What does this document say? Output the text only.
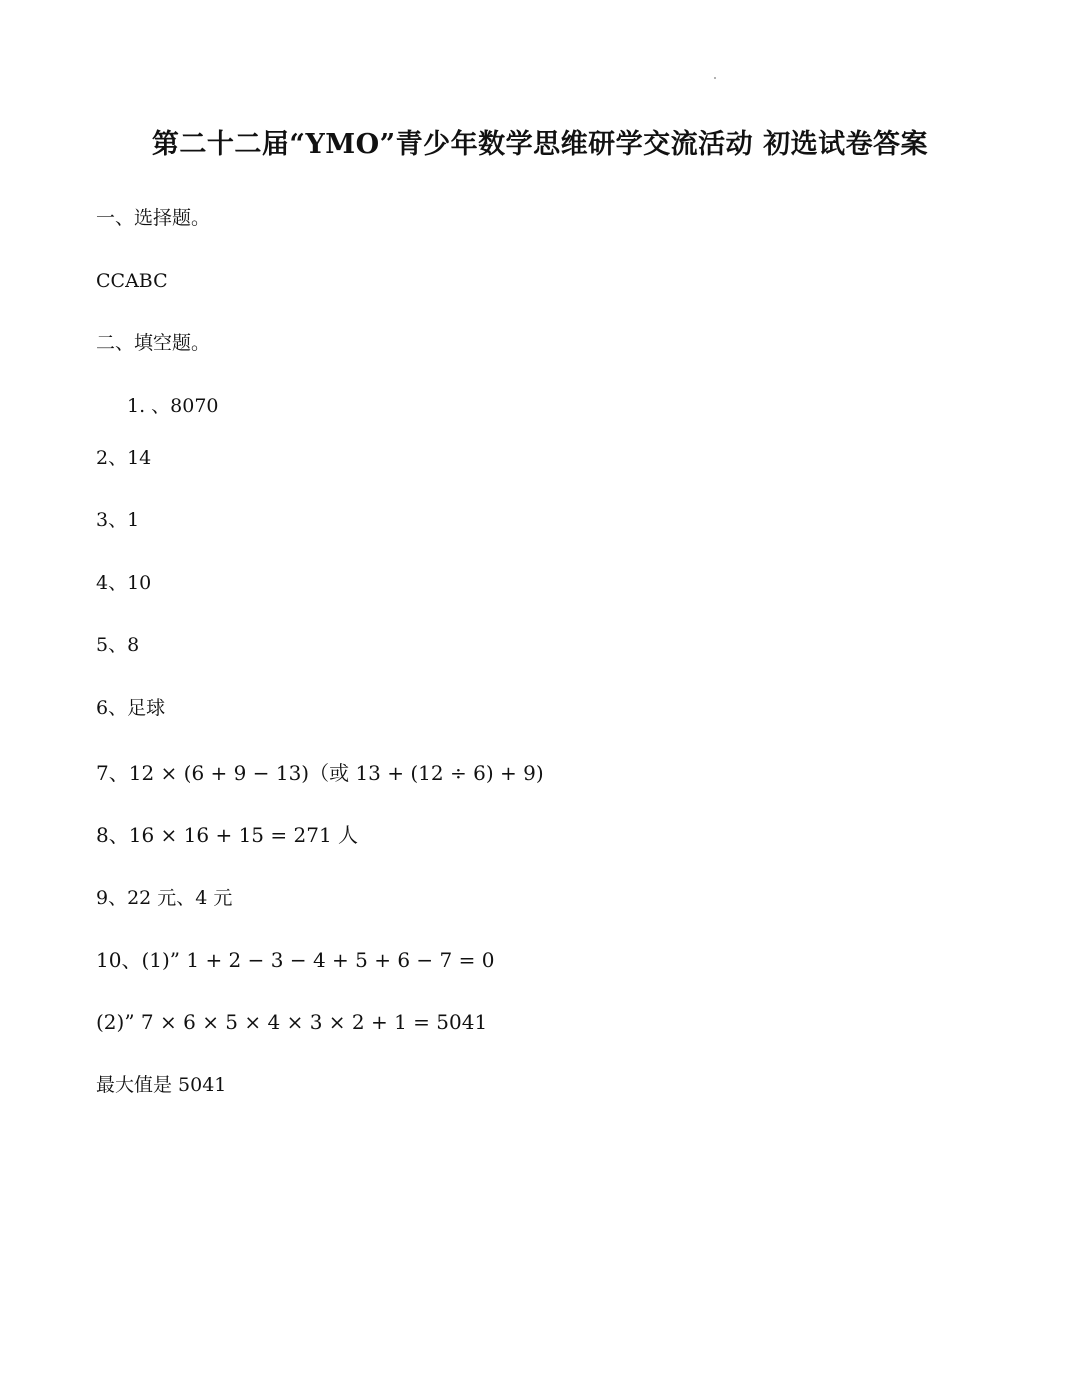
第二十二届“YMO”青少年数学思维研学交流活动 初选试卷答案
一、选择题。
CCABC
二、填空题。
1. 、8070
2、14
3、1
4、10
5、8
6、足球
7、12 × (6 + 9 − 13)（或 13 + (12 ÷ 6) + 9)
8、16 × 16 + 15 = 271 人
9、22 元、4 元
10、(1)” 1 + 2 − 3 − 4 + 5 + 6 − 7 = 0
(2)” 7 × 6 × 5 × 4 × 3 × 2 + 1 = 5041
最大值是 5041
